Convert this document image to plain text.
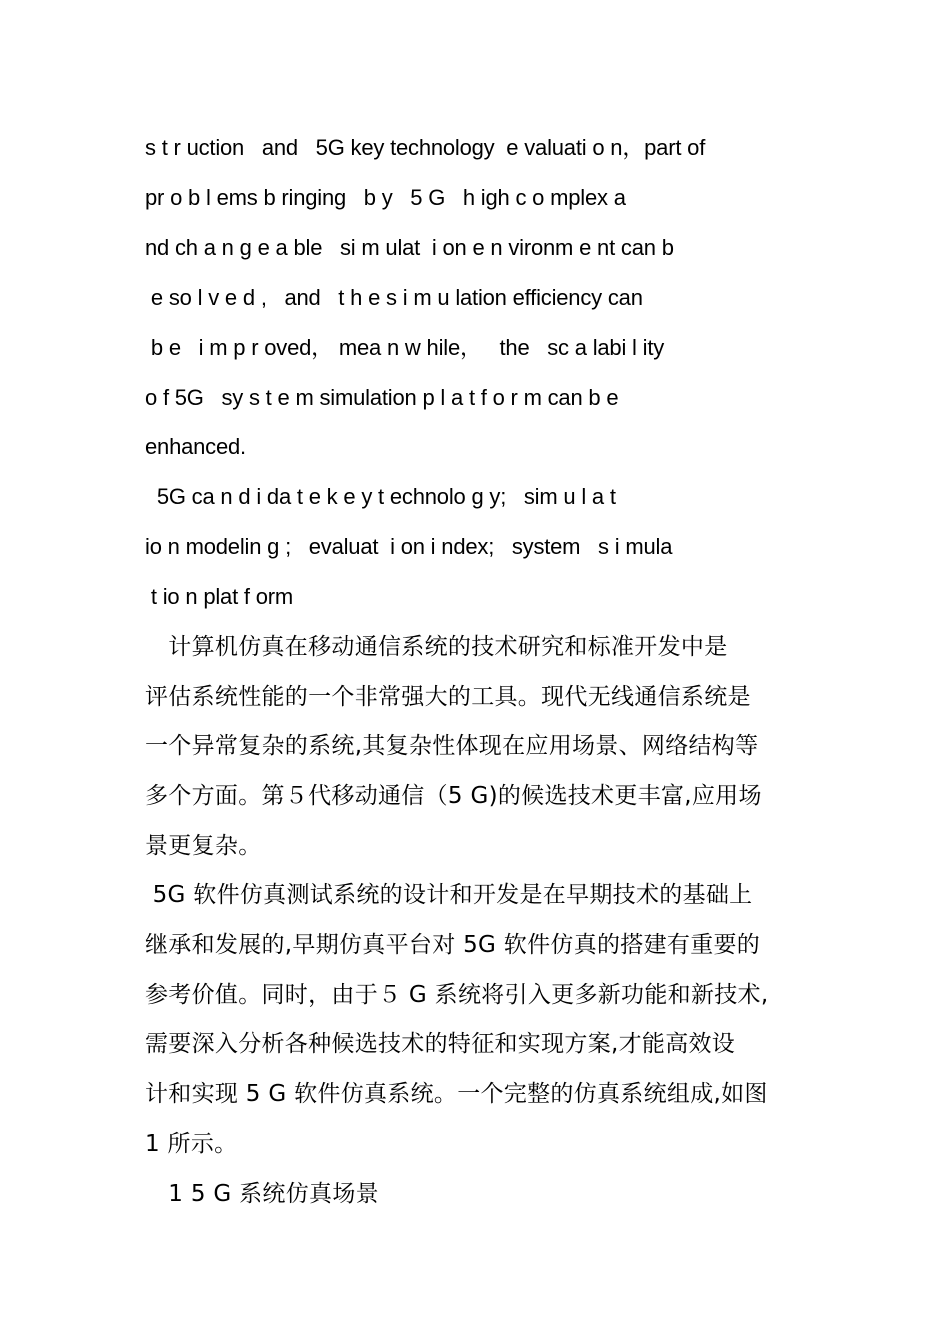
s t r uction   and   5G key technology  e valuati o n，part of
pr o b l ems b ringing   b y   5 G   h igh c o mplex a
nd ch a n g e a ble   si m ulat  i on e n vironm e nt can b
e so l v e d ,   and   t h e s i m u lation efficiency can
b e   i m p r oved， mea n w hile，   the   sc a labi l ity
o f 5G   sy s t e m simulation p l a t f o r m can b e
enhanced.
5G ca n d i da t e k e y t echnolo g y;   sim u l a t
io n modelin g ;   evaluat  i on i ndex;   system   s i mula
t io n plat f orm
　计算机仿真在移动通信系统的技术研究和标准开发中是
评估系统性能的一个非常强大的工具。现代无线通信系统是
一个异常复杂的系统,其复杂性体现在应用场景、网络结构等
多个方面。第５代移动通信（5 G)的候选技术更丰富,应用场
景更复杂。
5G 软件仿真测试系统的设计和开发是在早期技术的基础上
继承和发展的,早期仿真平台对 5G 软件仿真的搭建有重要的
参考价值。同时，由于５ G 系统将引入更多新功能和新技术,
需要深入分析各种候选技术的特征和实现方案,才能高效设
计和实现 5 G 软件仿真系统。一个完整的仿真系统组成,如图
1 所示。
　1 5 G 系统仿真场景
